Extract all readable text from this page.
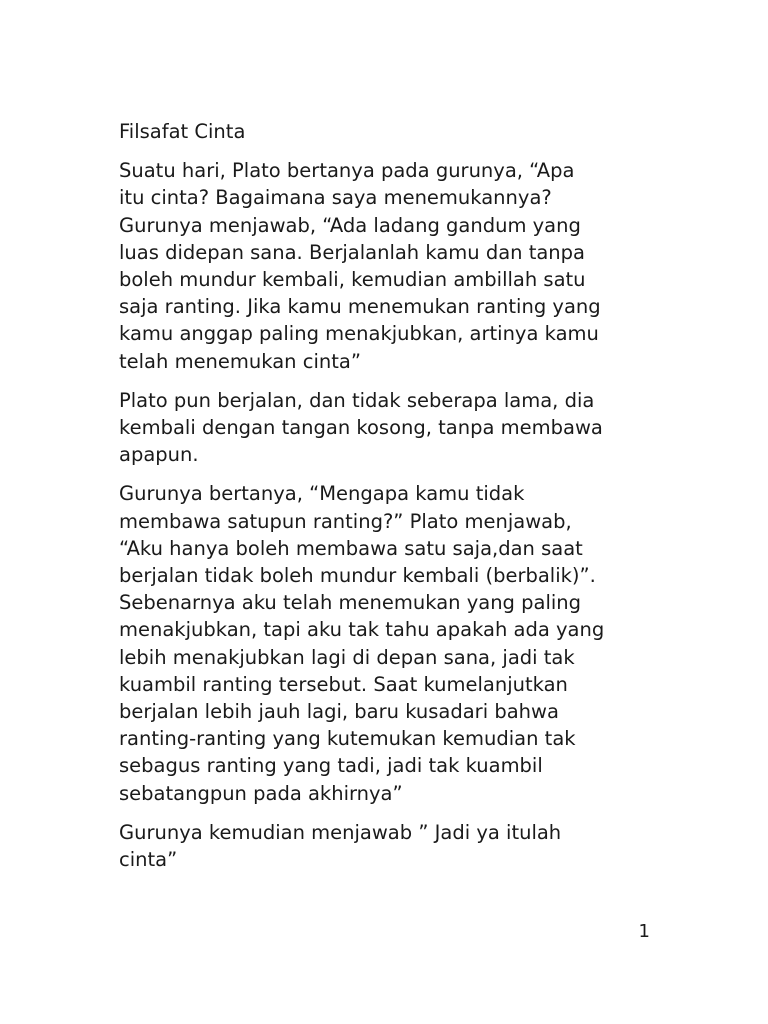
Filsafat Cinta

Suatu hari, Plato bertanya pada gurunya, “Apa
itu cinta? Bagaimana saya menemukannya?
Gurunya menjawab, “Ada ladang gandum yang
luas didepan sana. Berjalanlah kamu dan tanpa
boleh mundur kembali, kemudian ambillah satu
saja ranting. Jika kamu menemukan ranting yang
kamu anggap paling menakjubkan, artinya kamu
telah menemukan cinta”

Plato pun berjalan, dan tidak seberapa lama, dia
kembali dengan tangan kosong, tanpa membawa
apapun.

Gurunya bertanya, “Mengapa kamu tidak
membawa satupun ranting?” Plato menjawab,
“Aku hanya boleh membawa satu saja,dan saat
berjalan tidak boleh mundur kembali (berbalik)”.
Sebenarnya aku telah menemukan yang paling
menakjubkan, tapi aku tak tahu apakah ada yang
lebih menakjubkan lagi di depan sana, jadi tak
kuambil ranting tersebut. Saat kumelanjutkan
berjalan lebih jauh lagi, baru kusadari bahwa
ranting-ranting yang kutemukan kemudian tak
sebagus ranting yang tadi, jadi tak kuambil
sebatangpun pada akhirnya”

Gurunya kemudian menjawab ” Jadi ya itulah
cinta”

1
